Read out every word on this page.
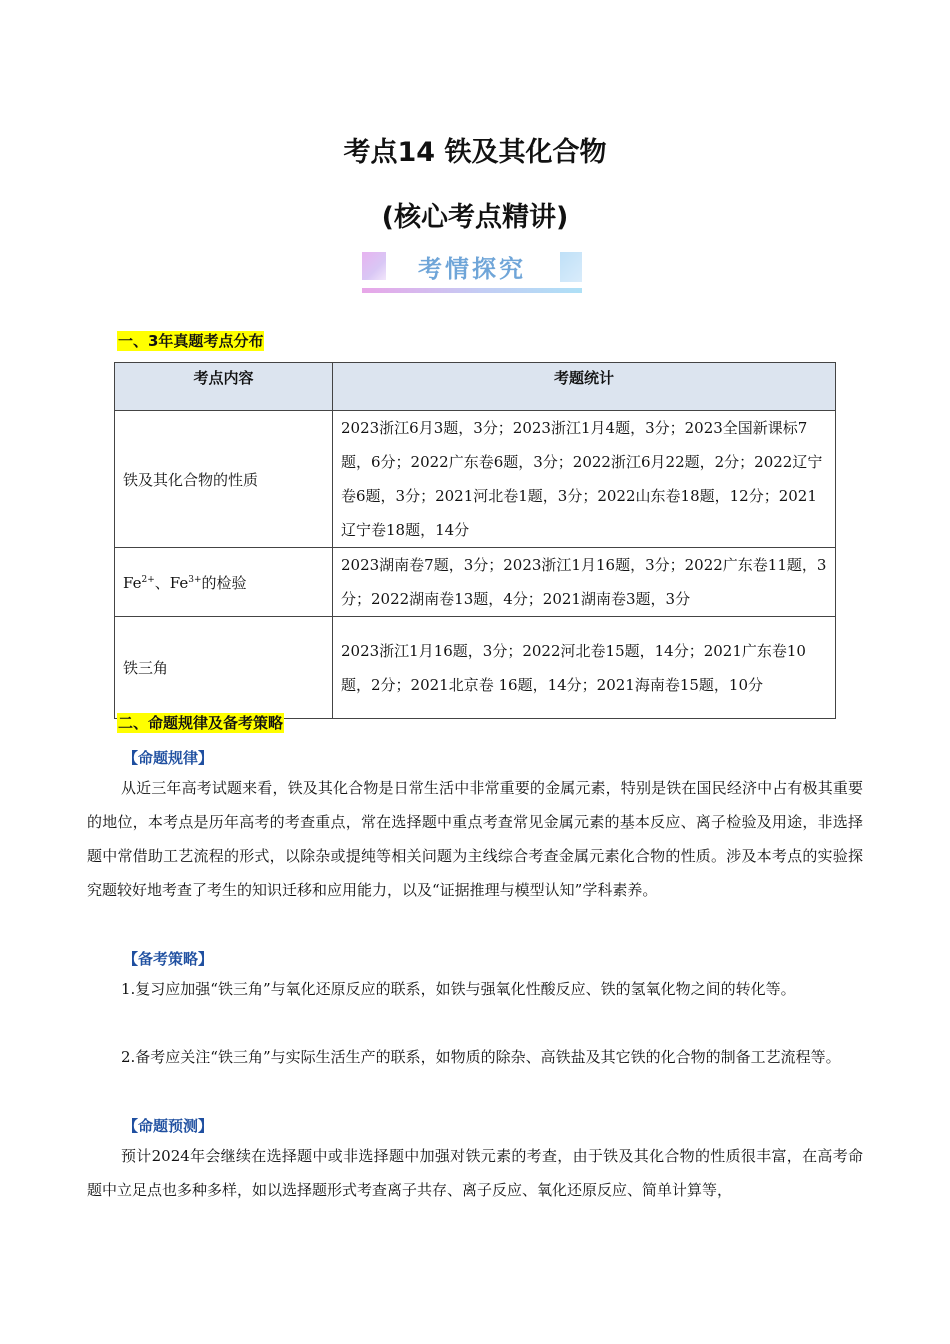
考点14 铁及其化合物
(核心考点精讲)
考情探究
一、3年真题考点分布
考点内容	考题统计
铁及其化合物的性质	2023浙江6月3题，3分；2023浙江1月4题，3分；2023全国新课标7题，6分；2022广东卷6题，3分；2022浙江6月22题，2分；2022辽宁卷6题，3分；2021河北卷1题，3分；2022山东卷18题，12分；2021辽宁卷18题，14分
$Fe^{2+}$、$Fe^{3+}$的检验	2023湖南卷7题，3分；2023浙江1月16题，3分；2022广东卷11题，3分；2022湖南卷13题，4分；2021湖南卷3题，3分
铁三角	2023浙江1月16题，3分；2022河北卷15题，14分；2021广东卷10题，2分；2021北京卷 16题，14分；2021海南卷15题，10分
二、命题规律及备考策略
【命题规律】

从近三年高考试题来看，铁及其化合物是日常生活中非常重要的金属元素，特别是铁在国民经济中占有极其重要的地位，本考点是历年高考的考查重点，常在选择题中重点考查常见金属元素的基本反应、离子检验及用途，非选择题中常借助工艺流程的形式，以除杂或提纯等相关问题为主线综合考查金属元素化合物的性质。涉及本考点的实验探究题较好地考查了考生的知识迁移和应用能力，以及“证据推理与模型认知”学科素养。

【备考策略】

1.复习应加强“铁三角”与氧化还原反应的联系，如铁与强氧化性酸反应、铁的氢氧化物之间的转化等。

2.备考应关注“铁三角”与实际生活生产的联系，如物质的除杂、高铁盐及其它铁的化合物的制备工艺流程等。

【命题预测】

预计2024年会继续在选择题中或非选择题中加强对铁元素的考查，由于铁及其化合物的性质很丰富，在高考命题中立足点也多种多样，如以选择题形式考查离子共存、离子反应、氧化还原反应、简单计算等，
